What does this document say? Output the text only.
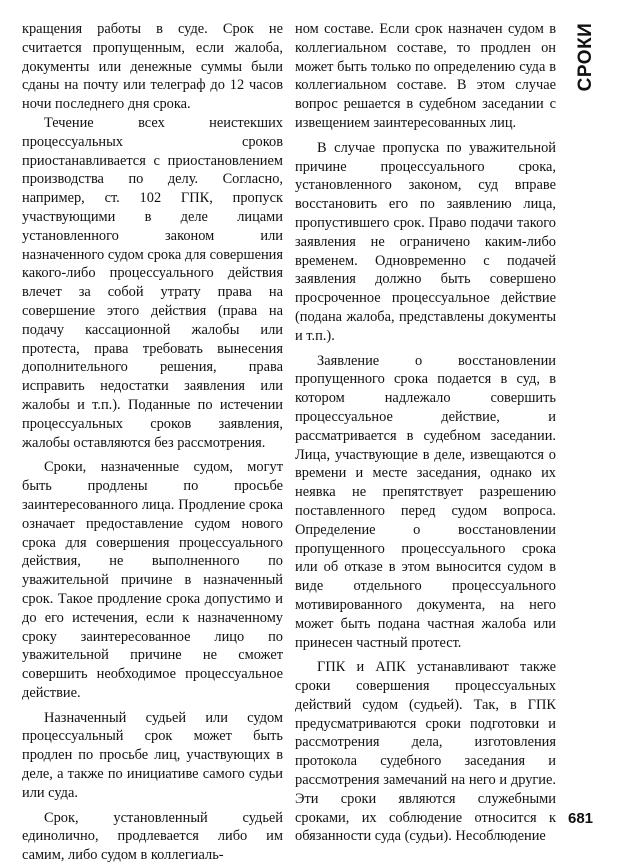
кращения работы в суде. Срок не считается пропущенным, если жалоба, документы или денежные суммы были сданы на почту или телеграф до 12 часов ночи последнего дня срока.

Течение всех неистекших процессуальных сроков приостанавливается с приостановлением производства по делу. Согласно, например, ст. 102 ГПК, пропуск участвующими в деле лицами установленного законом или назначенного судом срока для совершения какого-либо процессуального действия влечет за собой утрату права на совершение этого действия (права на подачу кассационной жалобы или протеста, права требовать вынесения дополнительного решения, права исправить недостатки заявления или жалобы и т.п.). Поданные по истечении процессуальных сроков заявления, жалобы оставляются без рассмотрения.

Сроки, назначенные судом, могут быть продлены по просьбе заинтересованного лица. Продление срока означает предоставление судом нового срока для совершения процессуального действия, не выполненного по уважительной причине в назначенный срок. Такое продление срока допустимо и до его истечения, если к назначенному сроку заинтересованное лицо по уважительной причине не сможет совершить необходимое процессуальное действие.

Назначенный судьей или судом процессуальный срок может быть продлен по просьбе лиц, участвующих в деле, а также по инициативе самого судьи или суда.

Срок, установленный судьей единолично, продлевается либо им самим, либо судом в коллегиаль-

ном составе. Если срок назначен судом в коллегиальном составе, то продлен он может быть только по определению суда в коллегиальном составе. В этом случае вопрос решается в судебном заседании с извещением заинтересованных лиц.

В случае пропуска по уважительной причине процессуального срока, установленного законом, суд вправе восстановить его по заявлению лица, пропустившего срок. Право подачи такого заявления не ограничено каким-либо временем. Одновременно с подачей заявления должно быть совершено просроченное процессуальное действие (подана жалоба, представлены документы и т.п.).

Заявление о восстановлении пропущенного срока подается в суд, в котором надлежало совершить процессуальное действие, и рассматривается в судебном заседании. Лица, участвующие в деле, извещаются о времени и месте заседания, однако их неявка не препятствует разрешению поставленного перед судом вопроса. Определение о восстановлении пропущенного процессуального срока или об отказе в этом выносится судом в виде отдельного процессуального мотивированного документа, на него может быть подана частная жалоба или принесен частный протест.

ГПК и АПК устанавливают также сроки совершения процессуальных действий судом (судьей). Так, в ГПК предусматриваются сроки подготовки и рассмотрения дела, изготовления протокола судебного заседания и рассмотрения замечаний на него и другие. Эти сроки являются служебными сроками, их соблюдение относится к обязанности суда (судьи). Несоблюдение

СРОКИ
681
